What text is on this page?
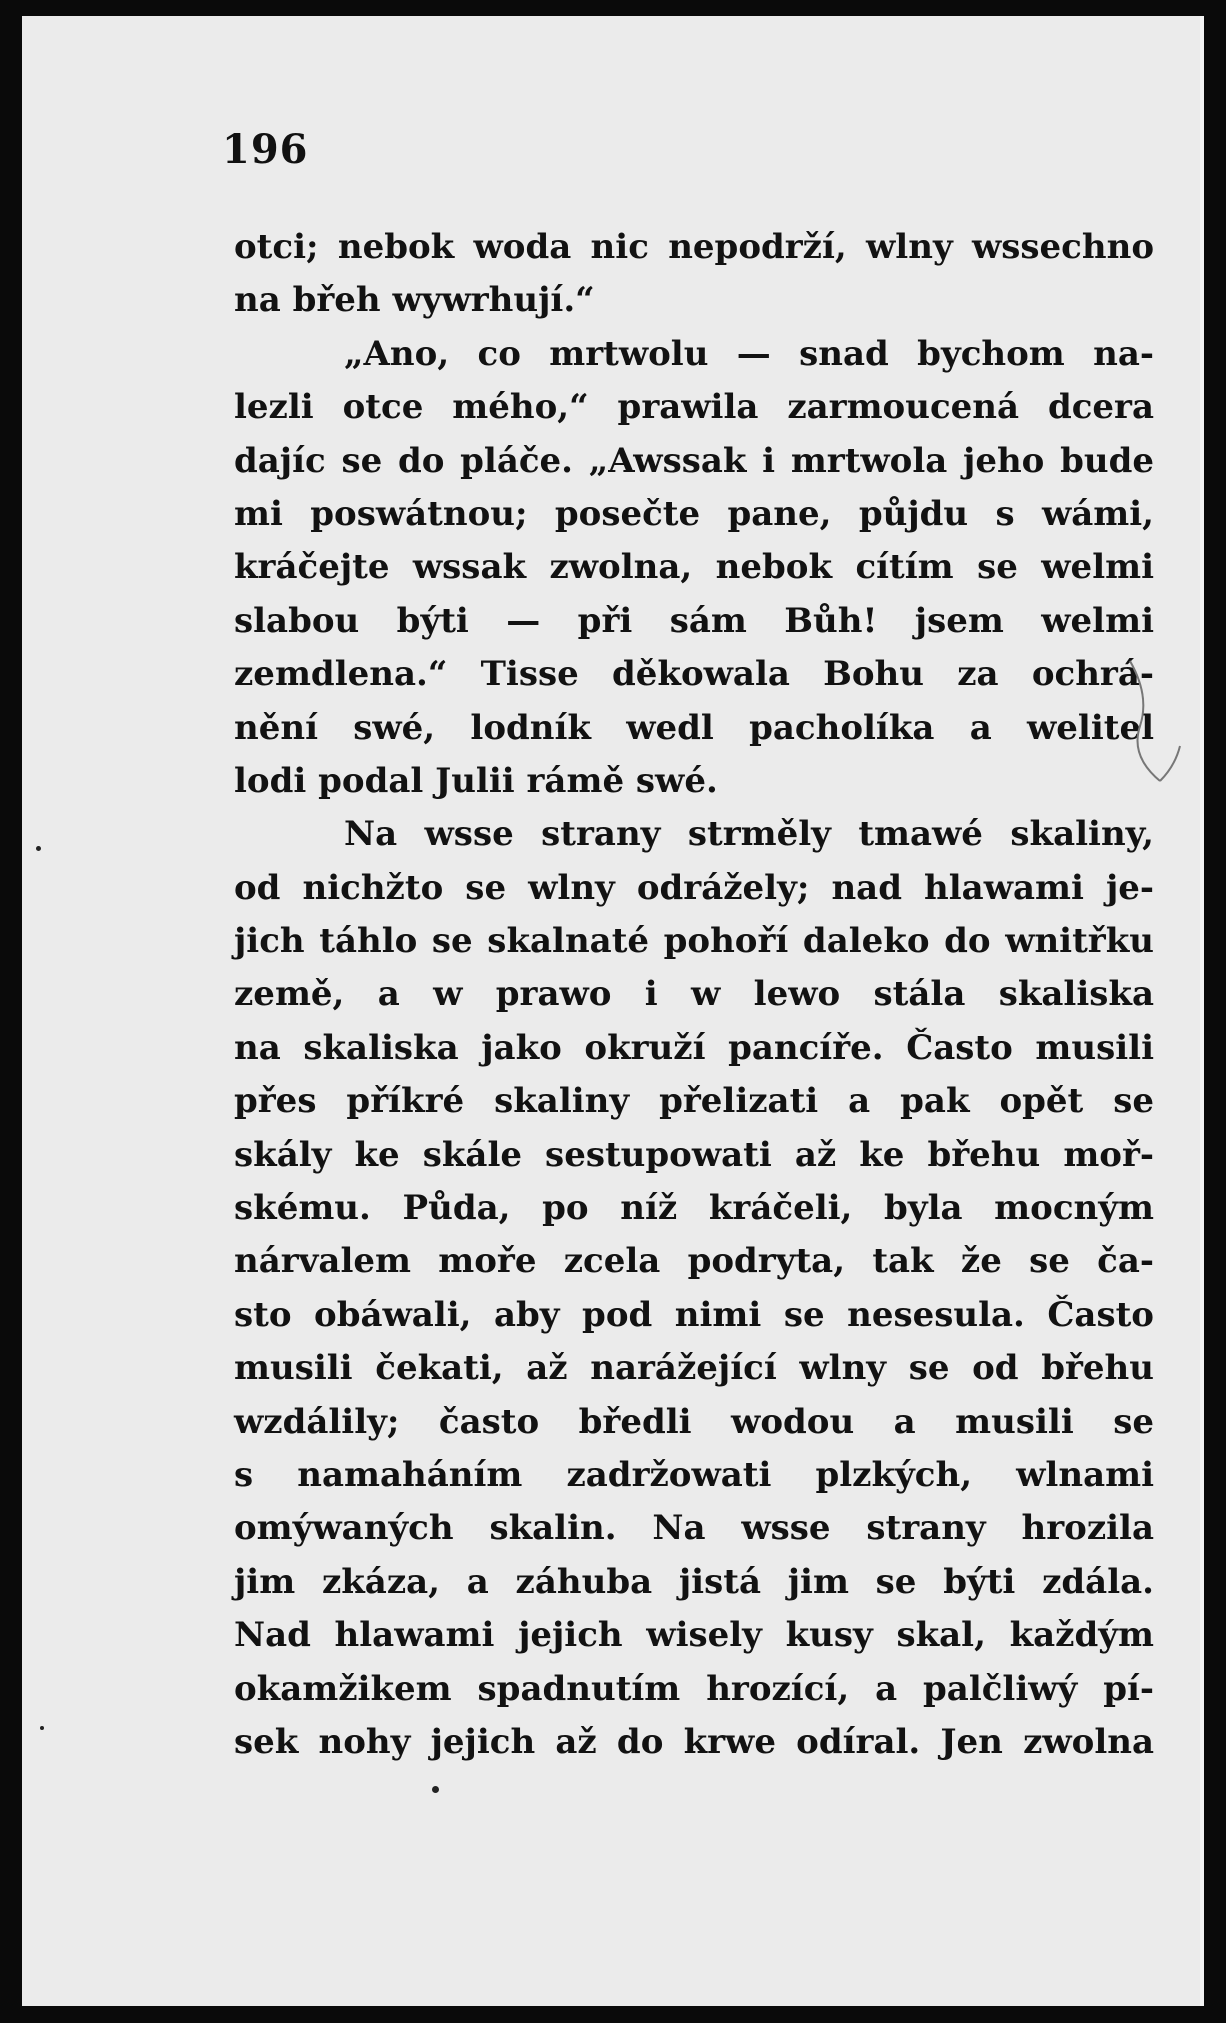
196
otci; nebok woda nic nepodrží, wlny wssechno
na břeh wywrhují.“
„Ano, co mrtwolu — snad bychom na-
lezli otce mého,“ prawila zarmoucená dcera
dajíc se do pláče. „Awssak i mrtwola jeho bude
mi poswátnou; posečte pane, půjdu s wámi,
kráčejte wssak zwolna, nebok cítím se welmi
slabou býti — při sám Bůh! jsem welmi
zemdlena.“ Tisse děkowala Bohu za ochrá-
nění swé, lodník wedl pacholíka a welitel
lodi podal Julii rámě swé.
Na wsse strany strměly tmawé skaliny,
od nichžto se wlny odrážely; nad hlawami je-
jich táhlo se skalnaté pohoří daleko do wnitřku
země, a w prawo i w lewo stála skaliska
na skaliska jako okruží pancíře. Často musili
přes příkré skaliny přelizati a pak opět se
skály ke skále sestupowati až ke břehu moř-
skému. Půda, po níž kráčeli, byla mocným
nárvalem moře zcela podryta, tak že se ča-
sto obáwali, aby pod nimi se nesesula. Často
musili čekati, až narážející wlny se od břehu
wzdálily; často bředli wodou a musili se
s namaháním zadržowati plzkých, wlnami
omýwaných skalin. Na wsse strany hrozila
jim zkáza, a záhuba jistá jim se býti zdála.
Nad hlawami jejich wisely kusy skal, každým
okamžikem spadnutím hrozící, a palčliwý pí-
sek nohy jejich až do krwe odíral. Jen zwolna
